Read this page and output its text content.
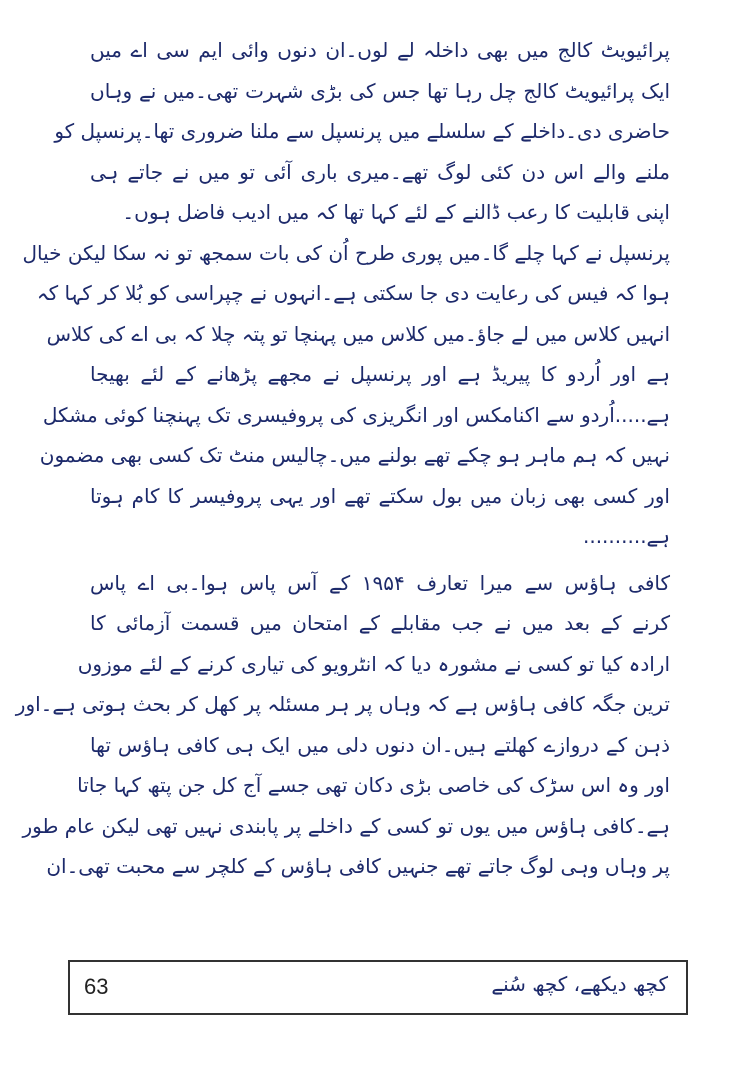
پرائیویٹ کالج میں بھی داخلہ لے لوں۔ان دنوں وائی ایم سی اے میں
ایک پرائیویٹ کالج چل رہا تھا جس کی بڑی شہرت تھی۔میں نے وہاں
حاضری دی۔داخلے کے سلسلے میں پرنسپل سے ملنا ضروری تھا۔پرنسپل کو
ملنے والے اس دن کئی لوگ تھے۔میری باری آئی تو میں نے جاتے ہی
اپنی قابلیت کا رعب ڈالنے کے لئے کہا تھا کہ میں ادیب فاضل ہوں۔
پرنسپل نے کہا چلے گا۔میں پوری طرح اُن کی بات سمجھ تو نہ سکا لیکن خیال
ہوا کہ فیس کی رعایت دی جا سکتی ہے۔انہوں نے چپراسی کو بُلا کر کہا کہ
انہیں کلاس میں لے جاؤ۔میں کلاس میں پہنچا تو پتہ چلا کہ بی اے کی کلاس
ہے اور اُردو کا پیریڈ ہے اور پرنسپل نے مجھے پڑھانے کے لئے بھیجا
ہے.....اُردو سے اکنامکس اور انگریزی کی پروفیسری تک پہنچنا کوئی مشکل
نہیں کہ ہم ماہر ہو چکے تھے بولنے میں۔چالیس منٹ تک کسی بھی مضمون
اور کسی بھی زبان میں بول سکتے تھے اور یہی پروفیسر کا کام ہوتا
ہے..........
کافی ہاؤس سے میرا تعارف ۱۹۵۴ کے آس پاس ہوا۔بی اے پاس
کرنے کے بعد میں نے جب مقابلے کے امتحان میں قسمت آزمائی کا
ارادہ کیا تو کسی نے مشورہ دیا کہ انٹرویو کی تیاری کرنے کے لئے موزوں
ترین جگہ کافی ہاؤس ہے کہ وہاں پر ہر مسئلہ پر کھل کر بحث ہوتی ہے۔اور
ذہن کے دروازے کھلتے ہیں۔ان دنوں دلی میں ایک ہی کافی ہاؤس تھا
اور وہ اس سڑک کی خاصی بڑی دکان تھی جسے آج کل جن پتھ کہا جاتا
ہے۔کافی ہاؤس میں یوں تو کسی کے داخلے پر پابندی نہیں تھی لیکن عام طور
پر وہاں وہی لوگ جاتے تھے جنہیں کافی ہاؤس کے کلچر سے محبت تھی۔ان
63	کچھ دیکھے، کچھ سُنے
